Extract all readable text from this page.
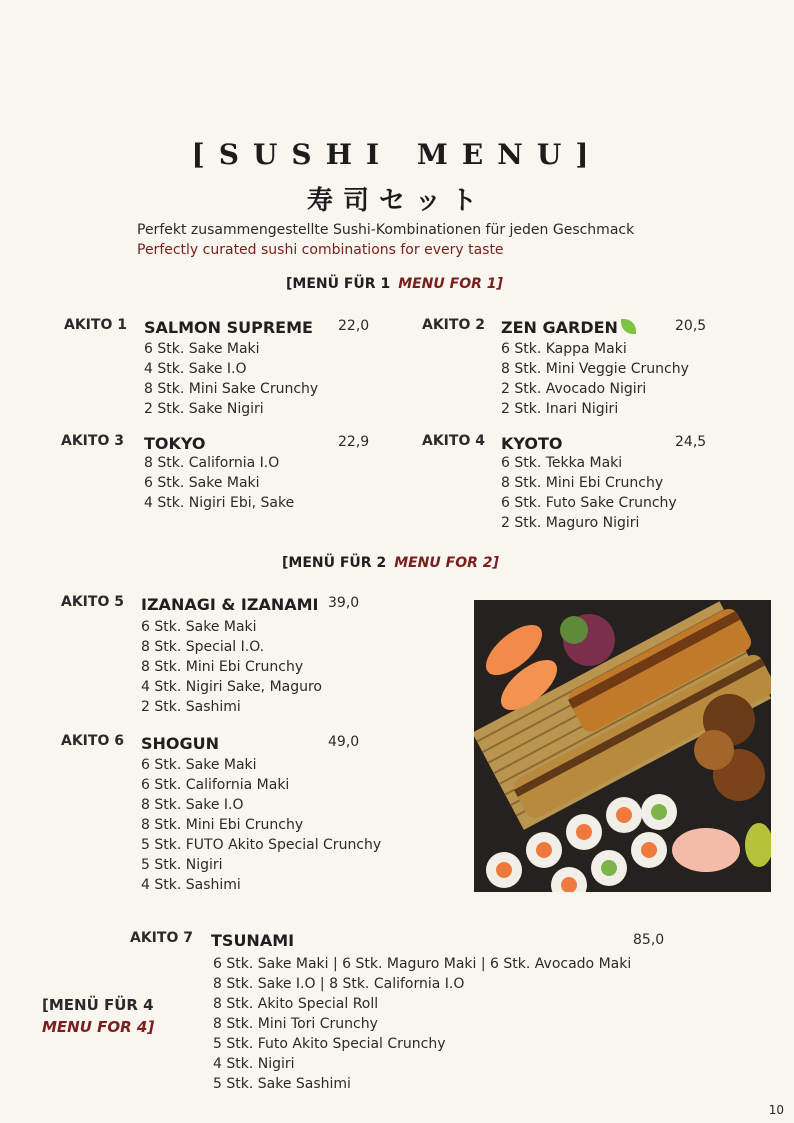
[SUSHI MENU]
寿司セット
Perfekt zusammengestellte Sushi-Kombinationen für jeden Geschmack
Perfectly curated sushi combinations for every taste
[MENÜ FÜR 1 MENU FOR 1]
AKITO 1 SALMON SUPREME 22,0
6 Stk. Sake Maki
4 Stk. Sake I.O
8 Stk. Mini Sake Crunchy
2 Stk. Sake Nigiri
AKITO 2 ZEN GARDEN	20,5
6 Stk. Kappa Maki
8 Stk. Mini Veggie Crunchy
2 Stk. Avocado Nigiri
2 Stk. Inari Nigiri
AKITO 3 TOKYO	22,9
8 Stk. California I.O
6 Stk. Sake Maki
4 Stk. Nigiri Ebi, Sake
AKITO 4 KYOTO	24,5
6 Stk. Tekka Maki
8 Stk. Mini Ebi Crunchy
6 Stk. Futo Sake Crunchy
2 Stk. Maguro Nigiri
[MENÜ FÜR 2 MENU FOR 2]
AKITO 5 IZANAGI & IZANAMI 39,0
6 Stk. Sake Maki
8 Stk. Special I.O.
8 Stk. Mini Ebi Crunchy
4 Stk. Nigiri Sake, Maguro
2 Stk. Sashimi
AKITO 6 SHOGUN	49,0
6 Stk. Sake Maki
6 Stk. California Maki
8 Stk. Sake I.O
8 Stk. Mini Ebi Crunchy
5 Stk. FUTO Akito Special Crunchy
5 Stk. Nigiri
4 Stk. Sashimi
[MENÜ FÜR 4
MENU FOR 4]
AKITO 7 TSUNAMI	85,0
6 Stk. Sake Maki | 6 Stk. Maguro Maki | 6 Stk. Avocado Maki
8 Stk. Sake I.O | 8 Stk. California I.O
8 Stk. Akito Special Roll
8 Stk. Mini Tori Crunchy
5 Stk. Futo Akito Special Crunchy
4 Stk. Nigiri
5 Stk. Sake Sashimi
10
